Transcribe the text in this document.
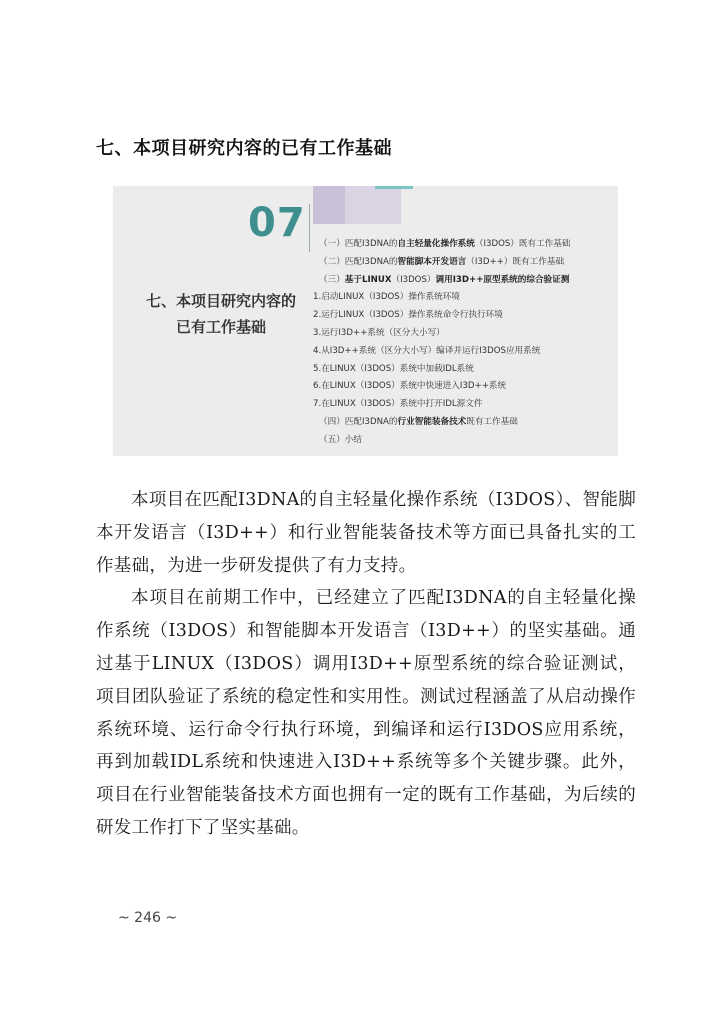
七、本项目研究内容的已有工作基础
07
七、本项目研究内容的
已有工作基础
（一）匹配I3DNA的自主轻量化操作系统（I3DOS）既有工作基础
（二）匹配I3DNA的智能脚本开发语言（I3D++）既有工作基础
（三）基于LINUX（I3DOS）调用I3D++原型系统的综合验证测
1.启动LINUX（I3DOS）操作系统环境
2.运行LINUX（I3DOS）操作系统命令行执行环境
3.运行I3D++系统（区分大小写）
4.从I3D++系统（区分大小写）编译并运行I3DOS应用系统
5.在LINUX（I3DOS）系统中加载IDL系统
6.在LINUX（I3DOS）系统中快速进入I3D++系统
7.在LINUX（I3DOS）系统中打开IDL源文件
（四）匹配I3DNA的行业智能装备技术既有工作基础
（五）小结

本项目在匹配I3DNA的自主轻量化操作系统（I3DOS）、智能脚本开发语言（I3D++）和行业智能装备技术等方面已具备扎实的工作基础，为进一步研发提供了有力支持。

本项目在前期工作中，已经建立了匹配I3DNA的自主轻量化操作系统（I3DOS）和智能脚本开发语言（I3D++）的坚实基础。通过基于LINUX（I3DOS）调用I3D++原型系统的综合验证测试，项目团队验证了系统的稳定性和实用性。测试过程涵盖了从启动操作系统环境、运行命令行执行环境，到编译和运行I3DOS应用系统，再到加载IDL系统和快速进入I3D++系统等多个关键步骤。此外，项目在行业智能装备技术方面也拥有一定的既有工作基础，为后续的研发工作打下了坚实基础。

~ 246 ~
